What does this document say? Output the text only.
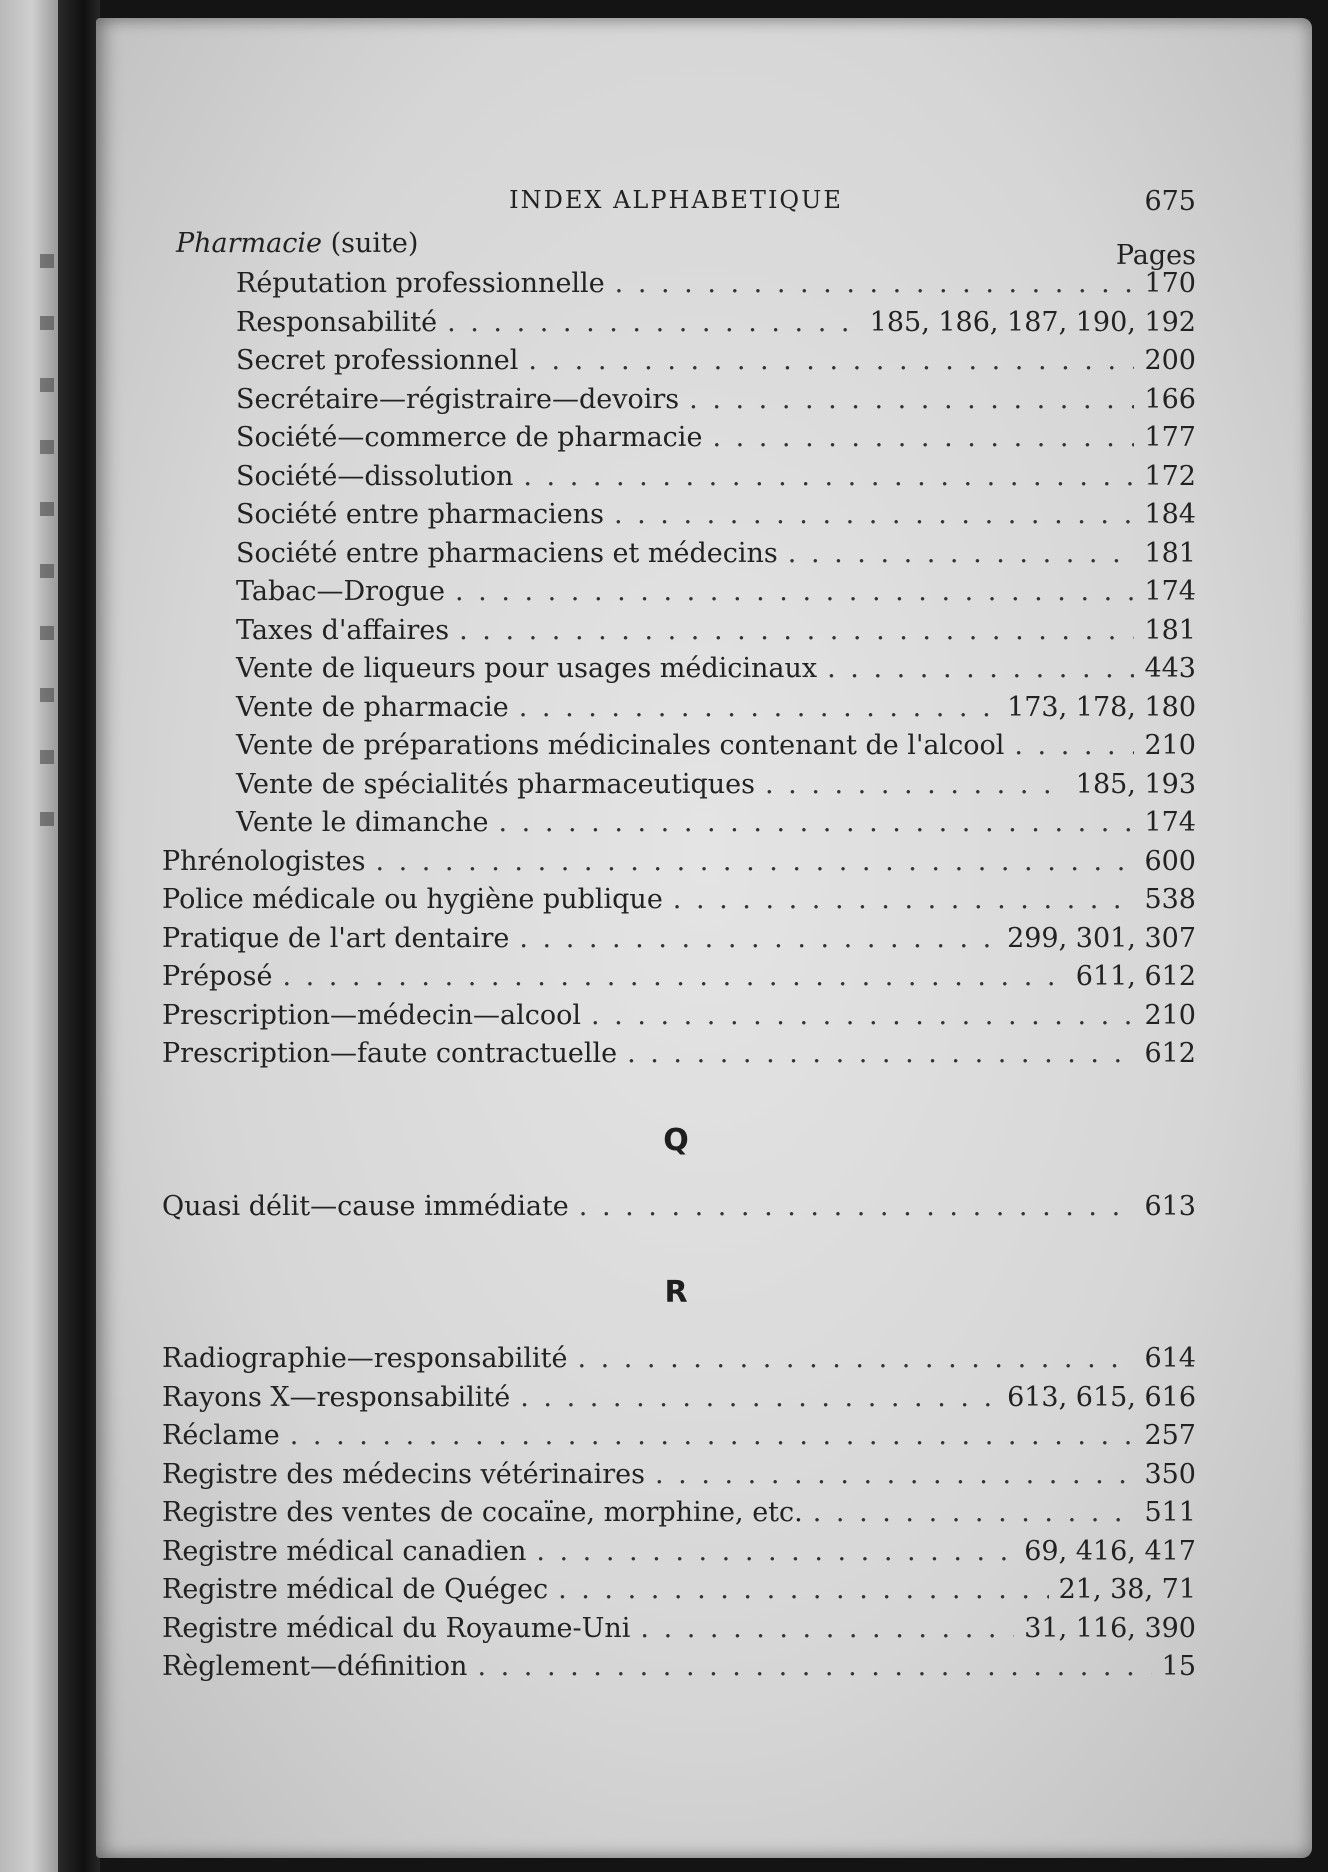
INDEX ALPHABETIQUE	675
Pharmacie (suite)	Pages
Réputation professionnelle . . .	170
Responsabilité . . .	185, 186, 187, 190, 192
Secret professionnel . . .	200
Secrétaire—régistraire—devoirs . . .	166
Société—commerce de pharmacie . . .	177
Société—dissolution . . .	172
Société entre pharmaciens . . .	184
Société entre pharmaciens et médecins . . .	181
Tabac—Drogue . . .	174
Taxes d'affaires . . .	181
Vente de liqueurs pour usages médicinaux . . .	443
Vente de pharmacie . . .	173, 178, 180
Vente de préparations médicinales contenant de l'alcool . . .	210
Vente de spécialités pharmaceutiques . . .	185, 193
Vente le dimanche . . .	174
Phrénologistes . . .	600
Police médicale ou hygiène publique . . .	538
Pratique de l'art dentaire . . .	299, 301, 307
Préposé . . .	611, 612
Prescription—médecin—alcool . . .	210
Prescription—faute contractuelle . . .	612
Q
Quasi délit—cause immédiate . . .	613
R
Radiographie—responsabilité . . .	614
Rayons X—responsabilité . . .	613, 615, 616
Réclame . . .	257
Registre des médecins vétérinaires . . .	350
Registre des ventes de cocaïne, morphine, etc. . . .	511
Registre médical canadien . . .	69, 416, 417
Registre médical de Quégec . . .	21, 38, 71
Registre médical du Royaume-Uni . . .	31, 116, 390
Règlement—définition . . .	15
